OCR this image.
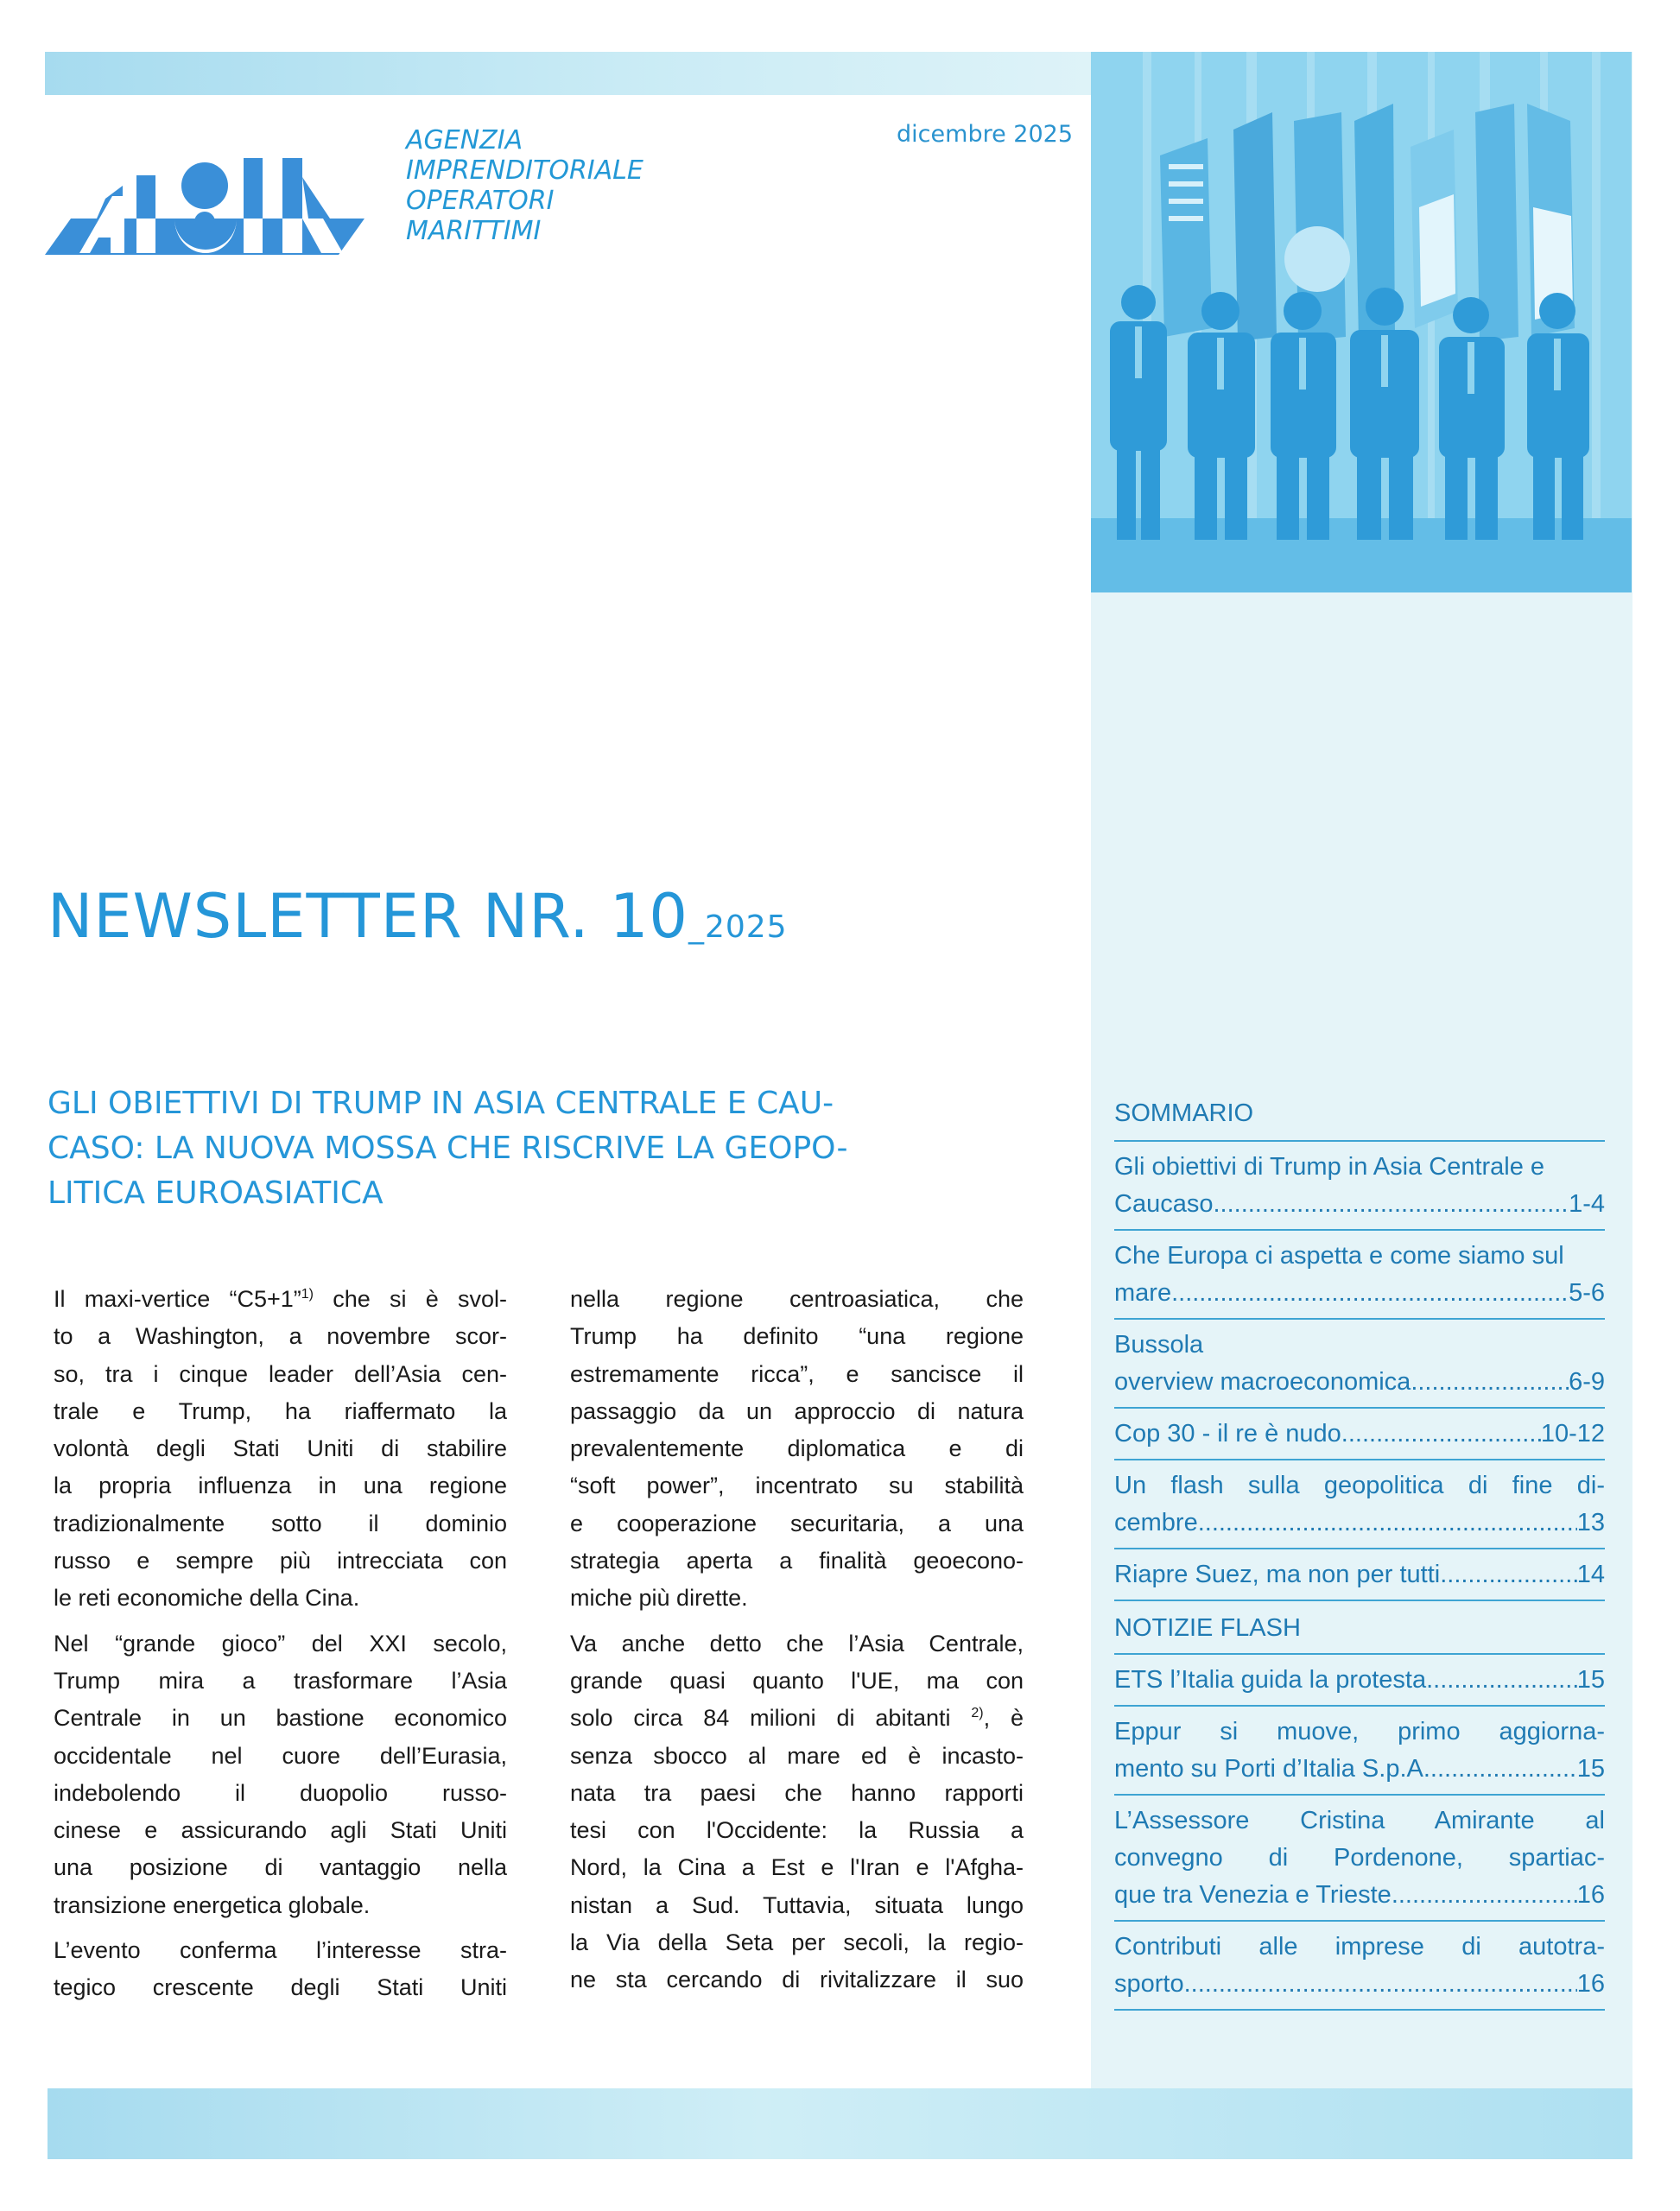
AGENZIA
IMPRENDITORIALE
OPERATORI
MARITTIMI
dicembre 2025
NEWSLETTER NR. 10_2025
GLI OBIETTIVI DI TRUMP IN ASIA CENTRALE E CAU-
CASO: LA NUOVA MOSSA CHE RISCRIVE LA GEOPO-
LITICA EUROASIATICA

Il maxi-vertice “C5+1”$^{1)}$ che si è svol-
to a Washington, a novembre scor-
so, tra i cinque leader dell’Asia cen-
trale e Trump, ha riaffermato la
volontà degli Stati Uniti di stabilire
la propria influenza in una regione
tradizionalmente sotto il dominio
russo e sempre più intrecciata con
le reti economiche della Cina.

Nel “grande gioco” del XXI secolo,
Trump mira a trasformare l’Asia
Centrale in un bastione economico
occidentale nel cuore dell’Eurasia,
indebolendo il duopolio russo-
cinese e assicurando agli Stati Uniti
una posizione di vantaggio nella
transizione energetica globale.

L’evento conferma l’interesse stra-
tegico crescente degli Stati Uniti

nella regione centroasiatica, che
Trump ha definito “una regione
estremamente ricca”, e sancisce il
passaggio da un approccio di natura
prevalentemente diplomatica e di
“soft power”, incentrato su stabilità
e cooperazione securitaria, a una
strategia aperta a finalità geoecono-
miche più dirette.

Va anche detto che l’Asia Centrale,
grande quasi quanto l'UE, ma con
solo circa 84 milioni di abitanti $^{2)}$, è
senza sbocco al mare ed è incasto-
nata tra paesi che hanno rapporti
tesi con l'Occidente: la Russia a
Nord, la Cina a Est e l'Iran e l'Afgha-
nistan a Sud. Tuttavia, situata lungo
la Via della Seta per secoli, la regio-
ne sta cercando di rivitalizzare il suo

SOMMARIO
Gli obiettivi di Trump in Asia Centrale e
Caucaso .....	1-4
Che Europa ci aspetta e come siamo sul
mare .....	5-6
Bussola
overview macroeconomica .....	6-9
Cop 30 - il re è nudo .....	10-12
Un flash sulla geopolitica di fine di-
cembre .....	13
Riapre Suez, ma non per tutti .....	14
NOTIZIE FLASH
ETS l’Italia guida la protesta .....	15
Eppur si muove, primo aggiorna-
mento su Porti d’Italia S.p.A. .....	15
L’Assessore Cristina Amirante al
convegno di Pordenone, spartiac-
que tra Venezia e Trieste .....	16
Contributi alle imprese di autotra-
sporto .....	16
